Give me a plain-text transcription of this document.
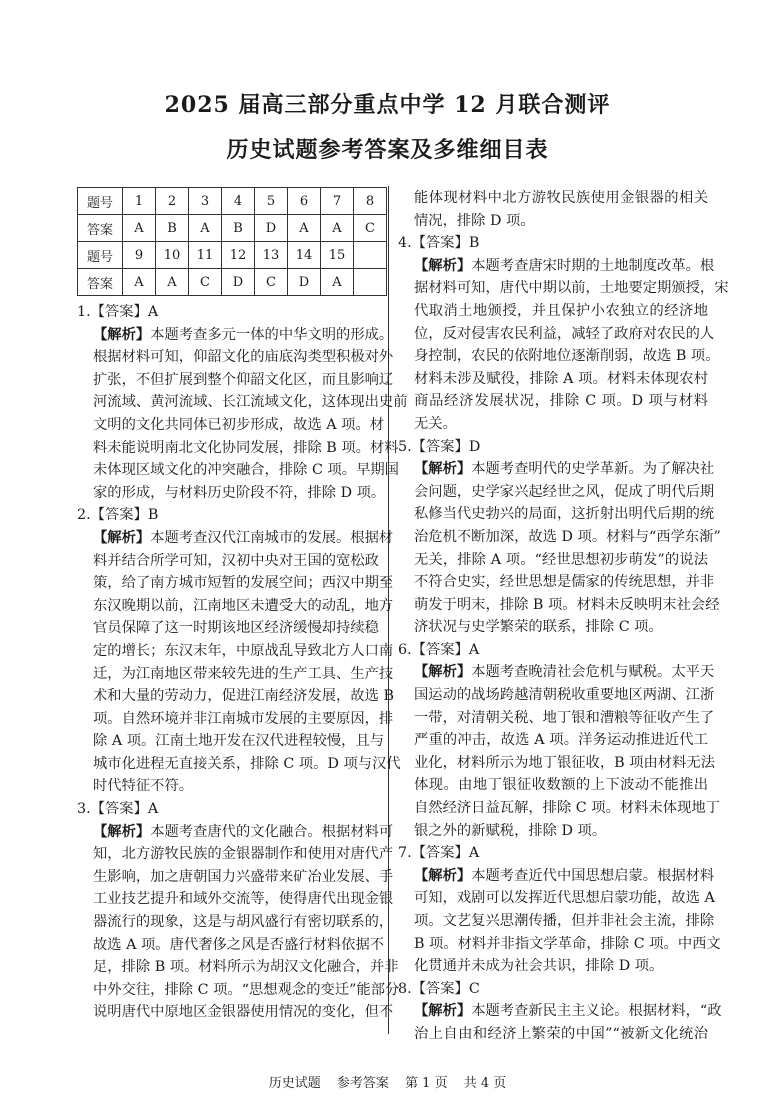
2025 届高三部分重点中学 12 月联合测评
历史试题参考答案及多维细目表
题号	1	2	3	4	5	6	7	8
答案	A	B	A	B	D	A	A	C
题号	9	10	11	12	13	14	15	
答案	A	A	C	D	C	D	A	
1.【答案】A
【解析】本题考查多元一体的中华文明的形成。
根据材料可知，仰韶文化的庙底沟类型积极对外
扩张，不但扩展到整个仰韶文化区，而且影响辽
河流域、黄河流域、长江流域文化，这体现出史前
文明的文化共同体已初步形成，故选 A 项。材
料未能说明南北文化协同发展，排除 B 项。材料
未体现区域文化的冲突融合，排除 C 项。早期国
家的形成，与材料历史阶段不符，排除 D 项。
2.【答案】B
【解析】本题考查汉代江南城市的发展。根据材
料并结合所学可知，汉初中央对王国的宽松政
策，给了南方城市短暂的发展空间；西汉中期至
东汉晚期以前，江南地区未遭受大的动乱，地方
官员保障了这一时期该地区经济缓慢却持续稳
定的增长；东汉末年，中原战乱导致北方人口南
迁，为江南地区带来较先进的生产工具、生产技
术和大量的劳动力，促进江南经济发展，故选 B
项。自然环境并非江南城市发展的主要原因，排
除 A 项。江南土地开发在汉代进程较慢，且与
城市化进程无直接关系，排除 C 项。D 项与汉代
时代特征不符。
3.【答案】A
【解析】本题考查唐代的文化融合。根据材料可
知，北方游牧民族的金银器制作和使用对唐代产
生影响，加之唐朝国力兴盛带来矿冶业发展、手
工业技艺提升和域外交流等，使得唐代出现金银
器流行的现象，这是与胡风盛行有密切联系的，
故选 A 项。唐代奢侈之风是否盛行材料依据不
足，排除 B 项。材料所示为胡汉文化融合，并非
中外交往，排除 C 项。“思想观念的变迁”能部分
说明唐代中原地区金银器使用情况的变化，但不
能体现材料中北方游牧民族使用金银器的相关
情况，排除 D 项。
4.【答案】B
【解析】本题考查唐宋时期的土地制度改革。根
据材料可知，唐代中期以前，土地要定期颁授，宋
代取消土地颁授，并且保护小农独立的经济地
位，反对侵害农民利益，减轻了政府对农民的人
身控制，农民的依附地位逐渐削弱，故选 B 项。
材料未涉及赋役，排除 A 项。材料未体现农村
商品经济发展状况，排除 C 项。D 项与材料
无关。
5.【答案】D
【解析】本题考查明代的史学革新。为了解决社
会问题，史学家兴起经世之风，促成了明代后期
私修当代史勃兴的局面，这折射出明代后期的统
治危机不断加深，故选 D 项。材料与“西学东渐”
无关，排除 A 项。“经世思想初步萌发”的说法
不符合史实，经世思想是儒家的传统思想，并非
萌发于明末，排除 B 项。材料未反映明末社会经
济状况与史学繁荣的联系，排除 C 项。
6.【答案】A
【解析】本题考查晚清社会危机与赋税。太平天
国运动的战场跨越清朝税收重要地区两湖、江浙
一带，对清朝关税、地丁银和漕粮等征收产生了
严重的冲击，故选 A 项。洋务运动推进近代工
业化，材料所示为地丁银征收，B 项由材料无法
体现。由地丁银征收数额的上下波动不能推出
自然经济日益瓦解，排除 C 项。材料未体现地丁
银之外的新赋税，排除 D 项。
7.【答案】A
【解析】本题考查近代中国思想启蒙。根据材料
可知，戏剧可以发挥近代思想启蒙功能，故选 A
项。文艺复兴思潮传播，但并非社会主流，排除
B 项。材料并非指文学革命，排除 C 项。中西文
化贯通并未成为社会共识，排除 D 项。
8.【答案】C
【解析】本题考查新民主主义论。根据材料，“政
治上自由和经济上繁荣的中国”“被新文化统治
历史试题 参考答案 第 1 页 共 4 页
